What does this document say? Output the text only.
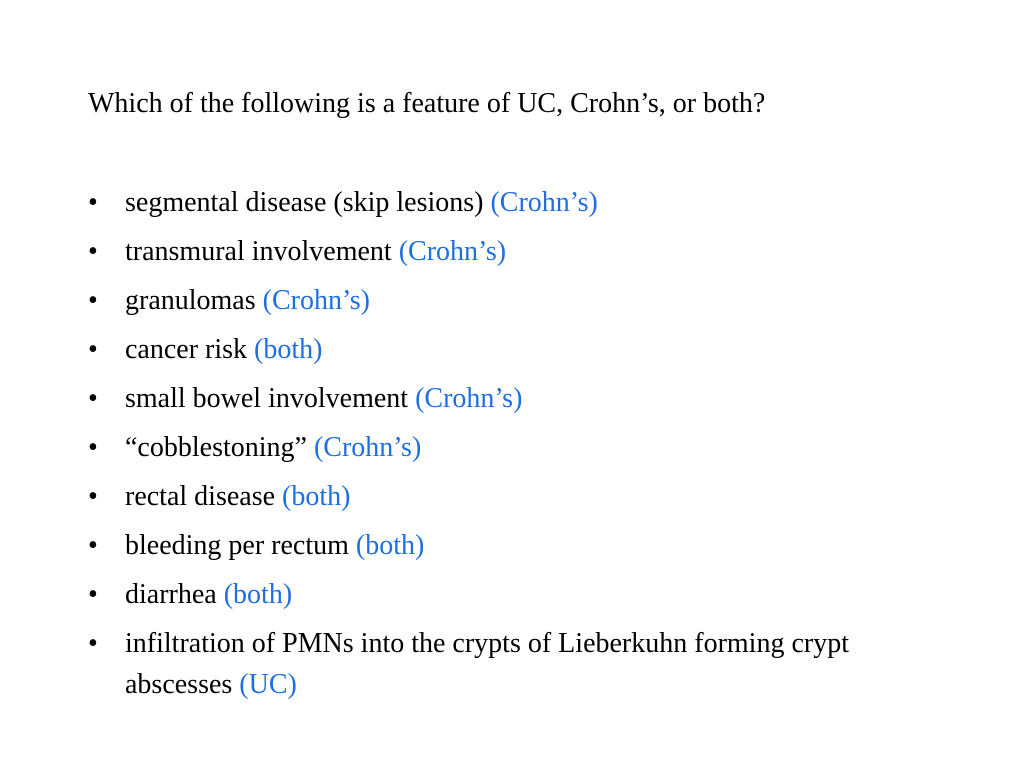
Which of the following is a feature of UC, Crohn’s, or both?

• segmental disease (skip lesions) (Crohn’s)
• transmural involvement (Crohn’s)
• granulomas (Crohn’s)
• cancer risk (both)
• small bowel involvement (Crohn’s)
• “cobblestoning” (Crohn’s)
• rectal disease (both)
• bleeding per rectum (both)
• diarrhea (both)
• infiltration of PMNs into the crypts of Lieberkuhn forming crypt abscesses (UC)
